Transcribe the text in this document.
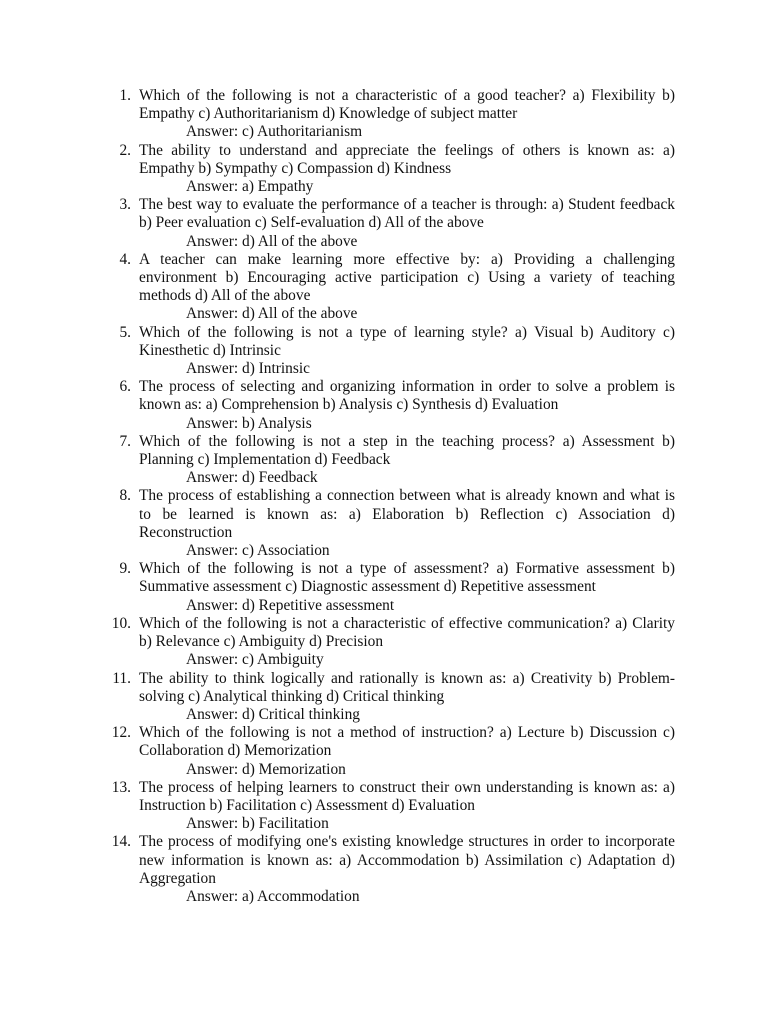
1. Which of the following is not a characteristic of a good teacher? a) Flexibility b) Empathy c) Authoritarianism d) Knowledge of subject matter
Answer: c) Authoritarianism
2. The ability to understand and appreciate the feelings of others is known as: a) Empathy b) Sympathy c) Compassion d) Kindness
Answer: a) Empathy
3. The best way to evaluate the performance of a teacher is through: a) Student feedback b) Peer evaluation c) Self-evaluation d) All of the above
Answer: d) All of the above
4. A teacher can make learning more effective by: a) Providing a challenging environment b) Encouraging active participation c) Using a variety of teaching methods d) All of the above
Answer: d) All of the above
5. Which of the following is not a type of learning style? a) Visual b) Auditory c) Kinesthetic d) Intrinsic
Answer: d) Intrinsic
6. The process of selecting and organizing information in order to solve a problem is known as: a) Comprehension b) Analysis c) Synthesis d) Evaluation
Answer: b) Analysis
7. Which of the following is not a step in the teaching process? a) Assessment b) Planning c) Implementation d) Feedback
Answer: d) Feedback
8. The process of establishing a connection between what is already known and what is to be learned is known as: a) Elaboration b) Reflection c) Association d) Reconstruction
Answer: c) Association
9. Which of the following is not a type of assessment? a) Formative assessment b) Summative assessment c) Diagnostic assessment d) Repetitive assessment
Answer: d) Repetitive assessment
10. Which of the following is not a characteristic of effective communication? a) Clarity b) Relevance c) Ambiguity d) Precision
Answer: c) Ambiguity
11. The ability to think logically and rationally is known as: a) Creativity b) Problem-solving c) Analytical thinking d) Critical thinking
Answer: d) Critical thinking
12. Which of the following is not a method of instruction? a) Lecture b) Discussion c) Collaboration d) Memorization
Answer: d) Memorization
13. The process of helping learners to construct their own understanding is known as: a) Instruction b) Facilitation c) Assessment d) Evaluation
Answer: b) Facilitation
14. The process of modifying one's existing knowledge structures in order to incorporate new information is known as: a) Accommodation b) Assimilation c) Adaptation d) Aggregation
Answer: a) Accommodation
